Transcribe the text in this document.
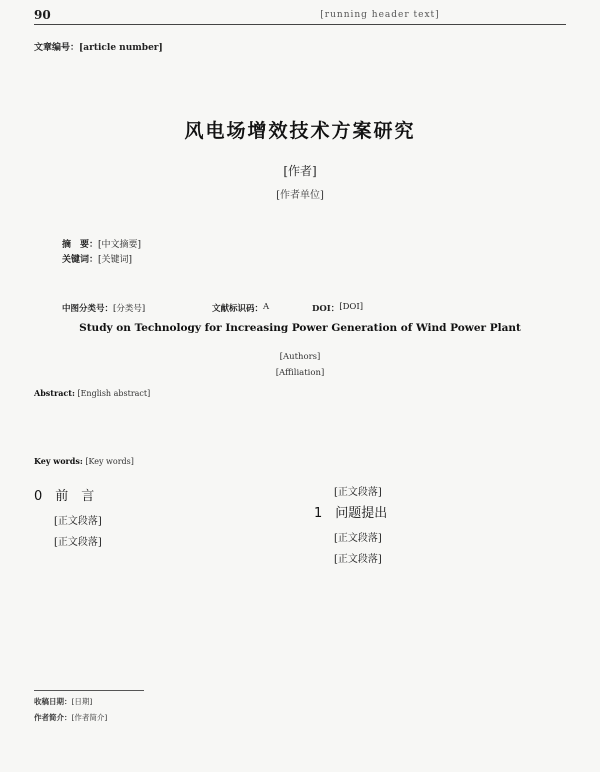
90	[running header text]
文章编号：[article number]
风电场增效技术方案研究
[作者]
[作者单位]
摘　要：[中文摘要]
关键词：[关键词]
中图分类号： [分类号]	文献标识码： A	DOI： [DOI]
Study on Technology for Increasing Power Generation of Wind Power Plant
[Authors]
[Affiliation]
Abstract: [English abstract]
Key words: [Key words]
0　前　言

[正文段落]

[正文段落]

[正文段落]

1　问题提出

[正文段落]

[正文段落]

收稿日期：[日期]
作者简介：[作者简介]
